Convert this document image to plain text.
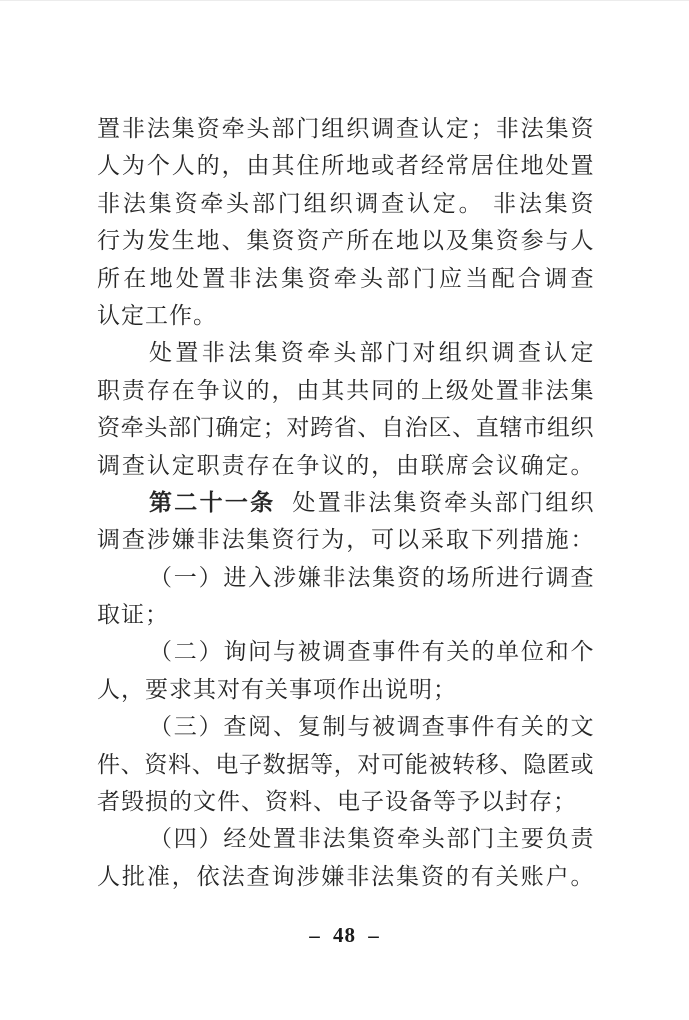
置非法集资牵头部门组织调查认定；非法集资
人为个人的，由其住所地或者经常居住地处置
非法集资牵头部门组织调查认定。 非法集资
行为发生地、集资资产所在地以及集资参与人
所在地处置非法集资牵头部门应当配合调查
认定工作。
处置非法集资牵头部门对组织调查认定
职责存在争议的，由其共同的上级处置非法集
资牵头部门确定；对跨省、自治区、直辖市组织
调查认定职责存在争议的，由联席会议确定。
第二十一条 处置非法集资牵头部门组织
调查涉嫌非法集资行为，可以采取下列措施：
（一）进入涉嫌非法集资的场所进行调查
取证；
（二）询问与被调查事件有关的单位和个
人，要求其对有关事项作出说明；
（三）查阅、复制与被调查事件有关的文
件、资料、电子数据等，对可能被转移、隐匿或
者毁损的文件、资料、电子设备等予以封存；
（四）经处置非法集资牵头部门主要负责
人批准，依法查询涉嫌非法集资的有关账户。
– 48 –
